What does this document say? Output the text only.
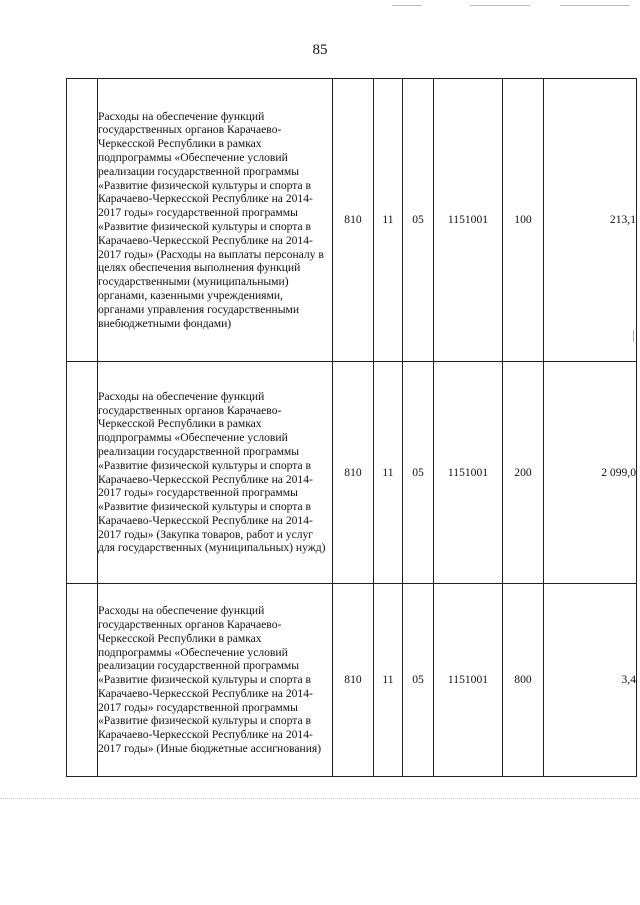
85
	Расходы на обеспечение функций государственных органов Карачаево-Черкесской Республики в рамках подпрограммы «Обеспечение условий реализации государственной программы «Развитие физической культуры и спорта в Карачаево-Черкесской Республике на 2014-2017 годы» государственной программы «Развитие физической культуры и спорта в Карачаево-Черкесской Республике на 2014-2017 годы» (Расходы на выплаты персоналу в целях обеспечения выполнения функций государственными (муниципальными) органами, казенными учреждениями, органами управления государственными внебюджетными фондами)	810	11	05	1151001	100	213,1
	Расходы на обеспечение функций государственных органов Карачаево-Черкесской Республики в рамках подпрограммы «Обеспечение условий реализации государственной программы «Развитие физической культуры и спорта в Карачаево-Черкесской Республике на 2014-2017 годы» государственной программы «Развитие физической культуры и спорта в Карачаево-Черкесской Республике на 2014-2017 годы» (Закупка товаров, работ и услуг для государственных (муниципальных) нужд)	810	11	05	1151001	200	2 099,0
	Расходы на обеспечение функций государственных органов Карачаево-Черкесской Республики в рамках подпрограммы «Обеспечение условий реализации государственной программы «Развитие физической культуры и спорта в Карачаево-Черкесской Республике на 2014-2017 годы» государственной программы «Развитие физической культуры и спорта в Карачаево-Черкесской Республике на 2014-2017 годы» (Иные бюджетные ассигнования)	810	11	05	1151001	800	3,4
